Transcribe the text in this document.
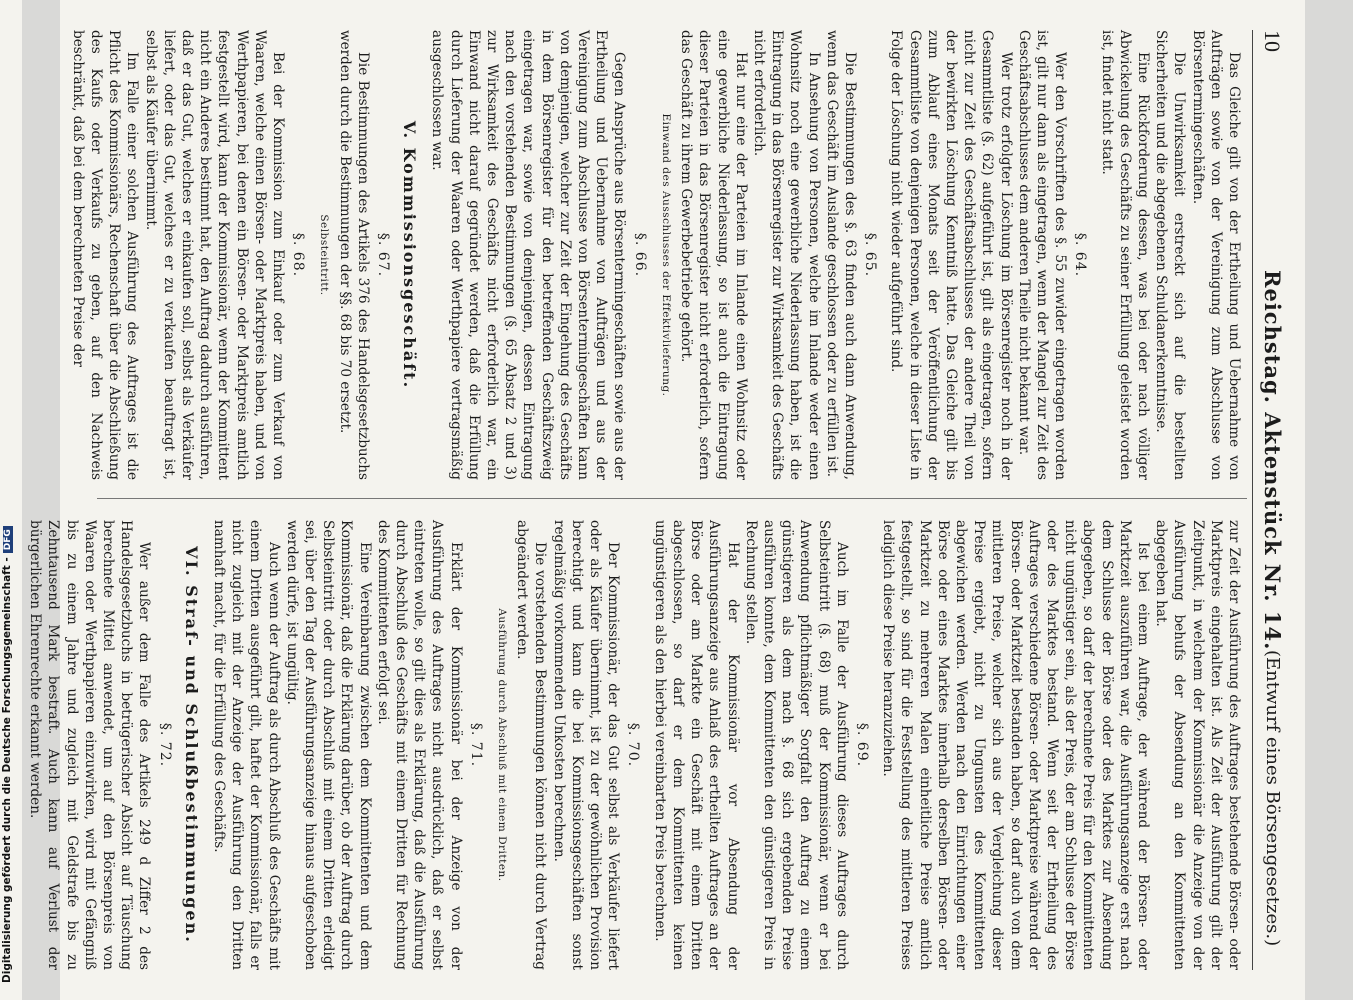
Digitalisierung gefördert durch die Deutsche Forschungsgemeinschaft -DFG
10
Reichstag. Aktenstück Nr. 14.
(Entwurf eines Börsengesetzes.)

Das Gleiche gilt von der Ertheilung und Uebernahme von Aufträgen sowie von der Vereinigung zum Abschlusse von Börsentermingeschäften.

Die Unwirksamkeit erstreckt sich auf die bestellten Sicherheiten und die abgegebenen Schuldanerkenntnisse.

Eine Rückforderung dessen, was bei oder nach völliger Abwickelung des Geschäfts zu seiner Erfüllung geleistet worden ist, findet nicht statt.

§. 64.

Wer den Vorschriften des §. 55 zuwider eingetragen worden ist, gilt nur dann als eingetragen, wenn der Mangel zur Zeit des Geschäftsabschlusses dem anderen Theile nicht bekannt war.

Wer trotz erfolgter Löschung im Börsenregister noch in der Gesammtliste (§. 62) aufgeführt ist, gilt als eingetragen, sofern nicht zur Zeit des Geschäftsabschlusses der andere Theil von der bewirkten Löschung Kenntniß hatte. Das Gleiche gilt bis zum Ablauf eines Monats seit der Veröffentlichung der Gesammtliste von denjenigen Personen, welche in dieser Liste in Folge der Löschung nicht wieder aufgeführt sind.

§. 65.

Die Bestimmungen des §. 63 finden auch dann Anwendung, wenn das Geschäft im Auslande geschlossen oder zu erfüllen ist.

In Ansehung von Personen, welche im Inlande weder einen Wohnsitz noch eine gewerbliche Niederlassung haben, ist die Eintragung in das Börsenregister zur Wirksamkeit des Geschäfts nicht erforderlich.

Hat nur eine der Parteien im Inlande einen Wohnsitz oder eine gewerbliche Niederlassung, so ist auch die Eintragung dieser Parteien in das Börsenregister nicht erforderlich, sofern das Geschäft zu ihrem Gewerbebetriebe gehört.

Einwand des Ausschlusses der Effektivlieferung.
§. 66.

Gegen Ansprüche aus Börsentermingeschäften sowie aus der Ertheilung und Uebernahme von Aufträgen und aus der Vereinigung zum Abschlusse von Börsentermingeschäften kann von demjenigen, welcher zur Zeit der Eingehung des Geschäfts in dem Börsenregister für den betreffenden Geschäftszweig eingetragen war, sowie von demjenigen, dessen Eintragung nach den vorstehenden Bestimmungen (§. 65 Absatz 2 und 3) zur Wirksamkeit des Geschäfts nicht erforderlich war, ein Einwand nicht darauf gegründet werden, daß die Erfüllung durch Lieferung der Waaren oder Werthpapiere vertragsmäßig ausgeschlossen war.

V. Kommissionsgeschäft.
§. 67.

Die Bestimmungen des Artikels 376 des Handelsgesetzbuchs werden durch die Bestimmungen der §§. 68 bis 70 ersetzt.

Selbsteintritt.
§. 68.

Bei der Kommission zum Einkauf oder zum Verkauf von Waaren, welche einen Börsen- oder Marktpreis haben, und von Werthpapieren, bei denen ein Börsen- oder Marktpreis amtlich festgestellt wird, kann der Kommissionär, wenn der Kommittent nicht ein Anderes bestimmt hat, den Auftrag dadurch ausführen, daß er das Gut, welches er einkaufen soll, selbst als Verkäufer liefert, oder das Gut, welches er zu verkaufen beauftragt ist, selbst als Käufer übernimmt.

Im Falle einer solchen Ausführung des Auftrages ist die Pflicht des Kommissionärs, Rechenschaft über die Abschließung des Kaufs oder Verkaufs zu geben, auf den Nachweis beschränkt, daß bei dem berechneten Preise der

zur Zeit der Ausführung des Auftrages bestehende Börsen- oder Marktpreis eingehalten ist. Als Zeit der Ausführung gilt der Zeitpunkt, in welchem der Kommissionär die Anzeige von der Ausführung behufs der Absendung an den Kommittenten abgegeben hat.

Ist bei einem Auftrage, der während der Börsen- oder Marktzeit auszuführen war, die Ausführungsanzeige erst nach dem Schlusse der Börse oder des Marktes zur Absendung abgegeben, so darf der berechnete Preis für den Kommittenten nicht ungünstiger sein, als der Preis, der am Schlusse der Börse oder des Marktes bestand. Wenn seit der Ertheilung des Auftrages verschiedene Börsen- oder Marktpreise während der Börsen- oder Marktzeit bestanden haben, so darf auch von dem mittleren Preise, welcher sich aus der Vergleichung dieser Preise ergiebt, nicht zu Ungunsten des Kommittenten abgewichen werden. Werden nach den Einrichtungen einer Börse oder eines Marktes innerhalb derselben Börsen- oder Marktzeit zu mehreren Malen einheitliche Preise amtlich festgestellt, so sind für die Feststellung des mittleren Preises lediglich diese Preise heranzuziehen.

§. 69.

Auch im Falle der Ausführung dieses Auftrages durch Selbsteintritt (§. 68) muß der Kommissionär, wenn er bei Anwendung pflichtmäßiger Sorgfalt den Auftrag zu einem günstigeren als dem nach §. 68 sich ergebenden Preise ausführen konnte, dem Kommittenten den günstigeren Preis in Rechnung stellen.

Hat der Kommissionär vor Absendung der Ausführungsanzeige aus Anlaß des ertheilten Auftrages an der Börse oder am Markte ein Geschäft mit einem Dritten abgeschlossen, so darf er dem Kommittenten keinen ungünstigeren als den hierbei vereinbarten Preis berechnen.

§. 70.

Der Kommissionär, der das Gut selbst als Verkäufer liefert oder als Käufer übernimmt, ist zu der gewöhnlichen Provision berechtigt und kann die bei Kommissionsgeschäften sonst regelmäßig vorkommenden Unkosten berechnen.

Die vorstehenden Bestimmungen können nicht durch Vertrag abgeändert werden.

Ausführung durch Abschluß mit einem Dritten.
§. 71.

Erklärt der Kommissionär bei der Anzeige von der Ausführung des Auftrages nicht ausdrücklich, daß er selbst eintreten wolle, so gilt dies als Erklärung, daß die Ausführung durch Abschluß des Geschäfts mit einem Dritten für Rechnung des Kommittenten erfolgt sei.

Eine Vereinbarung zwischen dem Kommittenten und dem Kommissionär, daß die Erklärung darüber, ob der Auftrag durch Selbsteintritt oder durch Abschluß mit einem Dritten erledigt sei, über den Tag der Ausführungsanzeige hinaus aufgeschoben werden dürfe, ist ungültig.

Auch wenn der Auftrag als durch Abschluß des Geschäfts mit einem Dritten ausgeführt gilt, haftet der Kommissionär, falls er nicht zugleich mit der Anzeige der Ausführung den Dritten namhaft macht, für die Erfüllung des Geschäfts.

VI. Straf- und Schlußbestimmungen.
§. 72.

Wer außer dem Falle des Artikels 249 d Ziffer 2 des Handelsgesetzbuchs in betrügerischer Absicht auf Täuschung berechnete Mittel anwendet, um auf den Börsenpreis von Waaren oder Werthpapieren einzuwirken, wird mit Gefängniß bis zu einem Jahre und zugleich mit Geldstrafe bis zu Zehntausend Mark bestraft. Auch kann auf Verlust der bürgerlichen Ehrenrechte erkannt werden.
